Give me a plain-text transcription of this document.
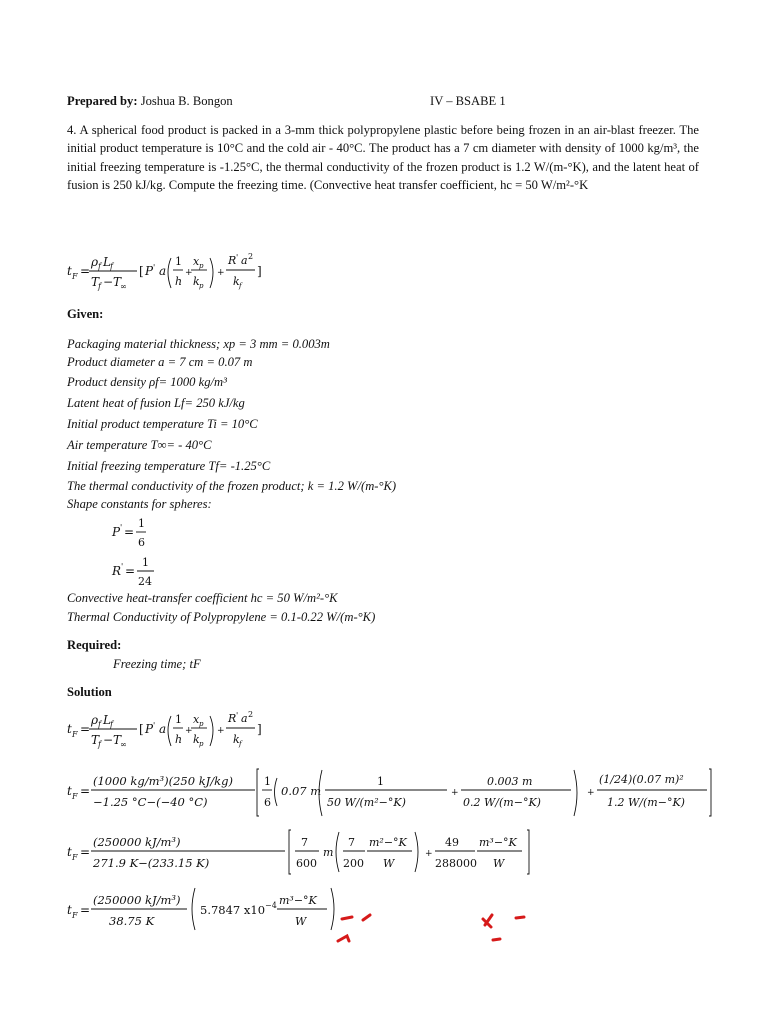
Prepared by: Joshua B. Bongon	IV – BSABE 1
4. A spherical food product is packed in a 3-mm thick polypropylene plastic before being frozen in an air-blast freezer. The initial product temperature is 10°C and the cold air - 40°C. The product has a 7 cm diameter with density of 1000 kg/m³, the initial freezing temperature is -1.25°C, the thermal conductivity of the frozen product is 1.2 W/(m-°K), and the latent heat of fusion is 250 kJ/kg. Compute the freezing time. (Convective heat transfer coefficient, hc = 50 W/m²-°K
t F =
ρ f L f
T
f − T
∞
[ P ' a
1
h
+
x p
k p
+
R ' a 2
k f
]
Given:
Packaging material thickness; xp = 3 mm = 0.003m
Product diameter a = 7 cm = 0.07 m
Product density ρf= 1000 kg/m³
Latent heat of fusion Lf= 250 kJ/kg
Initial product temperature Ti = 10°C
Air temperature T∞= - 40°C
Initial freezing temperature Tf= -1.25°C
The thermal conductivity of the frozen product; k = 1.2 W/(m-°K)
Shape constants for spheres:
P ' =
1
6
R ' =
1
24
Convective heat-transfer coefficient hc = 50 W/m²-°K
Thermal Conductivity of Polypropylene = 0.1-0.22 W/(m-°K)
Required:
Freezing time; tF
Solution
t F =
ρ f L f
T
f − T
∞
[ P ' a
1
h
+
x p
k p
+
R ' a 2
k f
]
t F =
(1000 kg/m³)(250 kJ/kg)
−1.25 °C−(−40 °C)
1
6
0.07 m
1
50 W/(m²−°K)
+
0.003 m
0.2 W/(m−°K)
+
(1/24)(0.07 m)²
1.2 W/(m−°K)
t F =
(250000 kJ/m³)
271.9 K−(233.15 K)
7
600
m
7
200
m²−°K
W
+
49
288000
m³−°K
W
t F =
(250000 kJ/m³)
38.75 K
5.7847 x10 −4 m³−°K
W
